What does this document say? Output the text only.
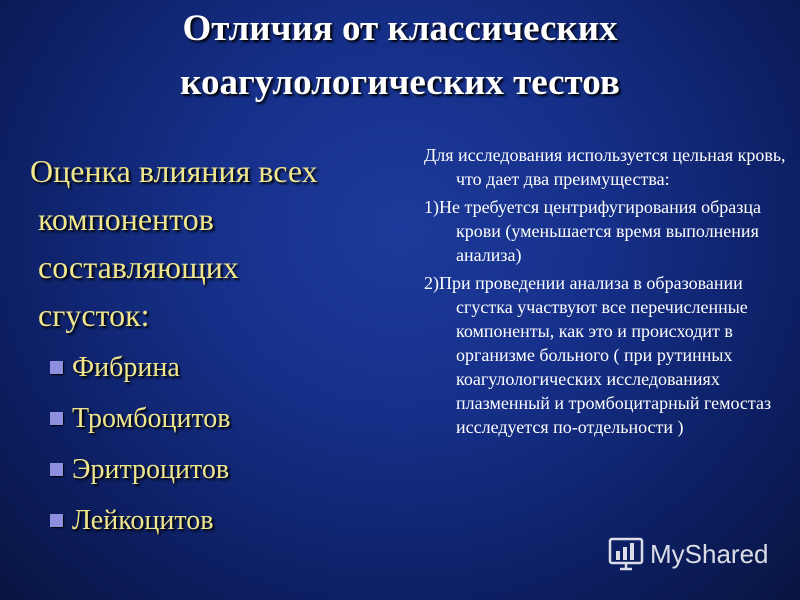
Отличия от классических
коагулологических тестов
Оценка влияния всех
компонентов
составляющих
сгусток:
Фибрина
Тромбоцитов
Эритроцитов
Лейкоцитов

Для исследования используется цельная кровь, что дает два преимущества:

1)Не требуется центрифугирования образца крови (уменьшается время выполнения анализа)

2)При проведении анализа в образовании сгустка участвуют все перечисленные компоненты, как это и происходит в организме больного ( при рутинных коагулологических исследованиях плазменный и тромбоцитарный гемостаз исследуется по-отдельности )

MyShared
